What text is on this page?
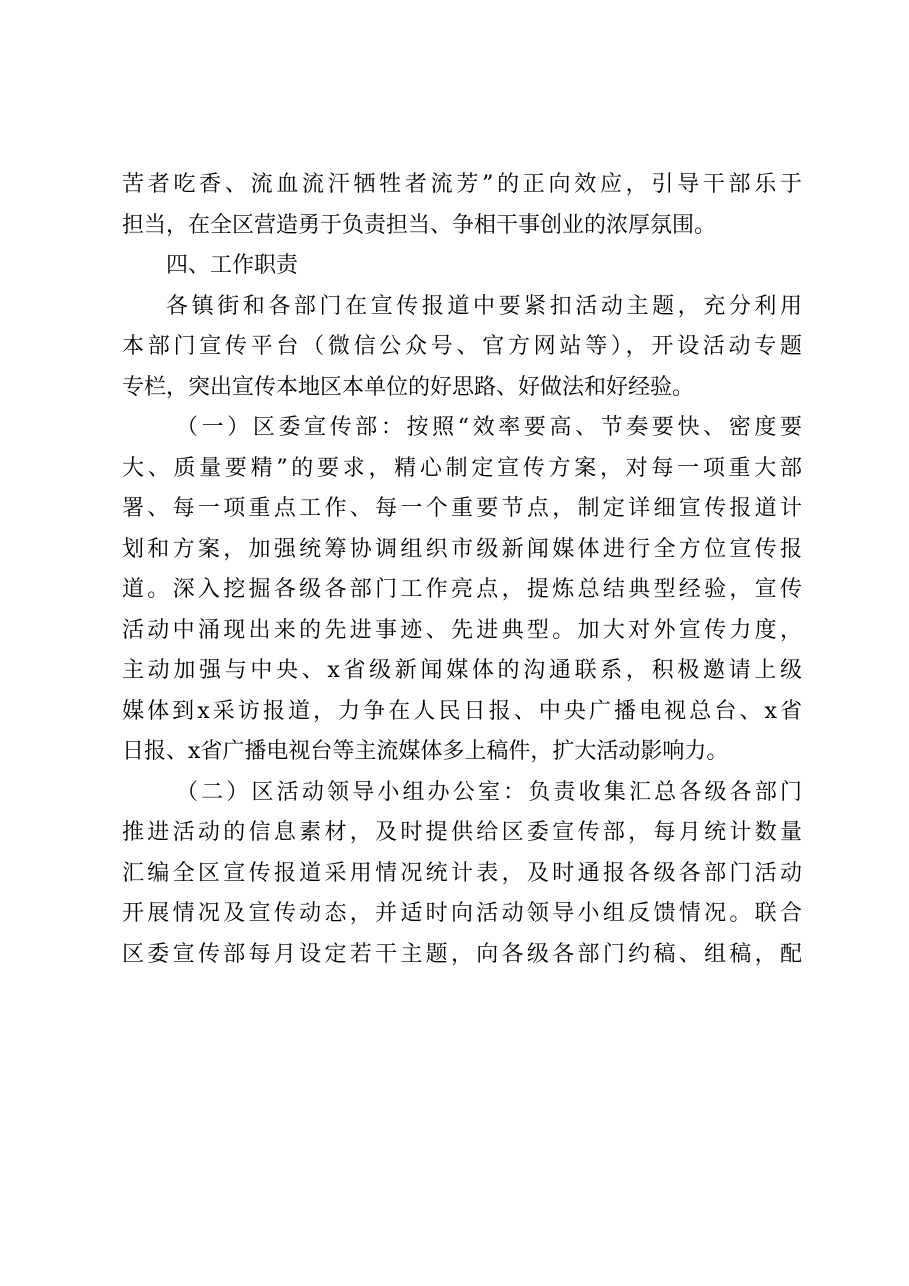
苦者吃香、流血流汗牺牲者流芳”的正向效应，引导干部乐于
担当，在全区营造勇于负责担当、争相干事创业的浓厚氛围。
四、工作职责
各镇街和各部门在宣传报道中要紧扣活动主题，充分利用
本部门宣传平台（微信公众号、官方网站等），开设活动专题
专栏，突出宣传本地区本单位的好思路、好做法和好经验。
（一）区委宣传部：按照“效率要高、节奏要快、密度要
大、质量要精”的要求，精心制定宣传方案，对每一项重大部
署、每一项重点工作、每一个重要节点，制定详细宣传报道计
划和方案，加强统筹协调组织市级新闻媒体进行全方位宣传报
道。深入挖掘各级各部门工作亮点，提炼总结典型经验，宣传
活动中涌现出来的先进事迹、先进典型。加大对外宣传力度，
主动加强与中央、x省级新闻媒体的沟通联系，积极邀请上级
媒体到x采访报道，力争在人民日报、中央广播电视总台、x省
日报、x省广播电视台等主流媒体多上稿件，扩大活动影响力。
（二）区活动领导小组办公室：负责收集汇总各级各部门
推进活动的信息素材，及时提供给区委宣传部，每月统计数量
汇编全区宣传报道采用情况统计表，及时通报各级各部门活动
开展情况及宣传动态，并适时向活动领导小组反馈情况。联合
区委宣传部每月设定若干主题，向各级各部门约稿、组稿，配
